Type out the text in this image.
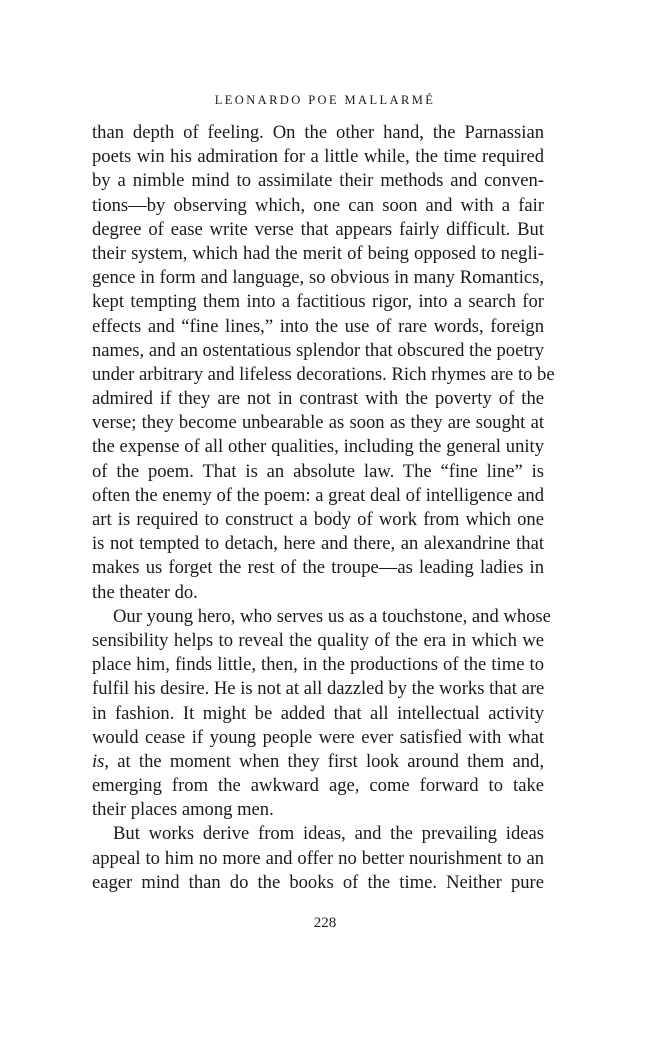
LEONARDO POE MALLARMÉ
than depth of feeling. On the other hand, the Parnassian
poets win his admiration for a little while, the time required
by a nimble mind to assimilate their methods and conven-
tions—by observing which, one can soon and with a fair
degree of ease write verse that appears fairly difficult. But
their system, which had the merit of being opposed to negli-
gence in form and language, so obvious in many Romantics,
kept tempting them into a factitious rigor, into a search for
effects and “fine lines,” into the use of rare words, foreign
names, and an ostentatious splendor that obscured the poetry
under arbitrary and lifeless decorations. Rich rhymes are to be
admired if they are not in contrast with the poverty of the
verse; they become unbearable as soon as they are sought at
the expense of all other qualities, including the general unity
of the poem. That is an absolute law. The “fine line” is
often the enemy of the poem: a great deal of intelligence and
art is required to construct a body of work from which one
is not tempted to detach, here and there, an alexandrine that
makes us forget the rest of the troupe—as leading ladies in
the theater do.
Our young hero, who serves us as a touchstone, and whose
sensibility helps to reveal the quality of the era in which we
place him, finds little, then, in the productions of the time to
fulfil his desire. He is not at all dazzled by the works that are
in fashion. It might be added that all intellectual activity
would cease if young people were ever satisfied with what
is, at the moment when they first look around them and,
emerging from the awkward age, come forward to take
their places among men.
But works derive from ideas, and the prevailing ideas
appeal to him no more and offer no better nourishment to an
eager mind than do the books of the time. Neither pure
228
